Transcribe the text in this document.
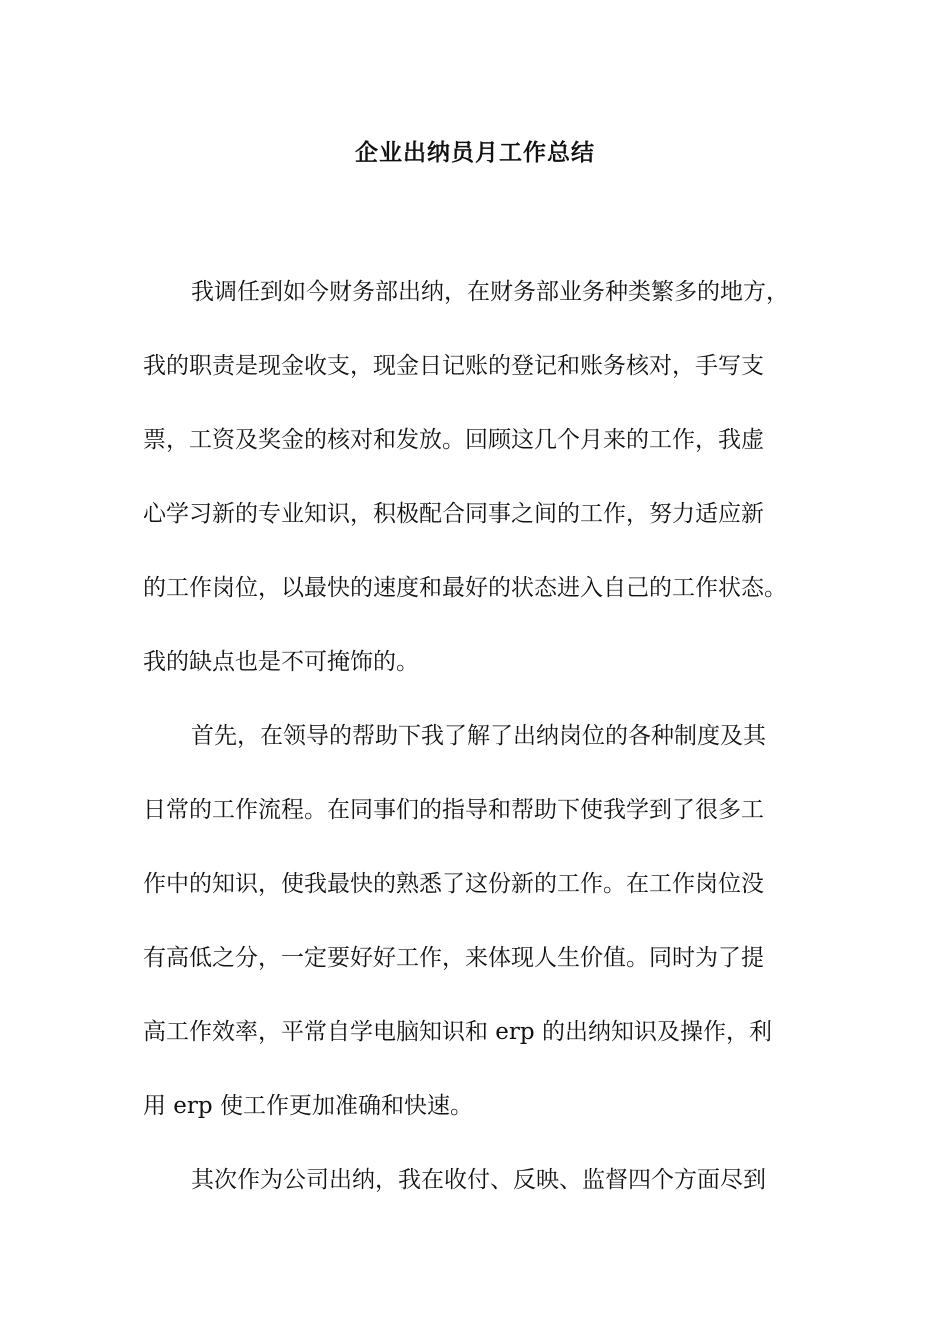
企业出纳员月工作总结
我调任到如今财务部出纳，在财务部业务种类繁多的地方，
我的职责是现金收支，现金日记账的登记和账务核对，手写支
票，工资及奖金的核对和发放。回顾这几个月来的工作，我虚
心学习新的专业知识，积极配合同事之间的工作，努力适应新
的工作岗位，以最快的速度和最好的状态进入自己的工作状态。
我的缺点也是不可掩饰的。
首先，在领导的帮助下我了解了出纳岗位的各种制度及其
日常的工作流程。在同事们的指导和帮助下使我学到了很多工
作中的知识，使我最快的熟悉了这份新的工作。在工作岗位没
有高低之分，一定要好好工作，来体现人生价值。同时为了提
高工作效率，平常自学电脑知识和 erp 的出纳知识及操作，利
用 erp 使工作更加准确和快速。
其次作为公司出纳，我在收付、反映、监督四个方面尽到
